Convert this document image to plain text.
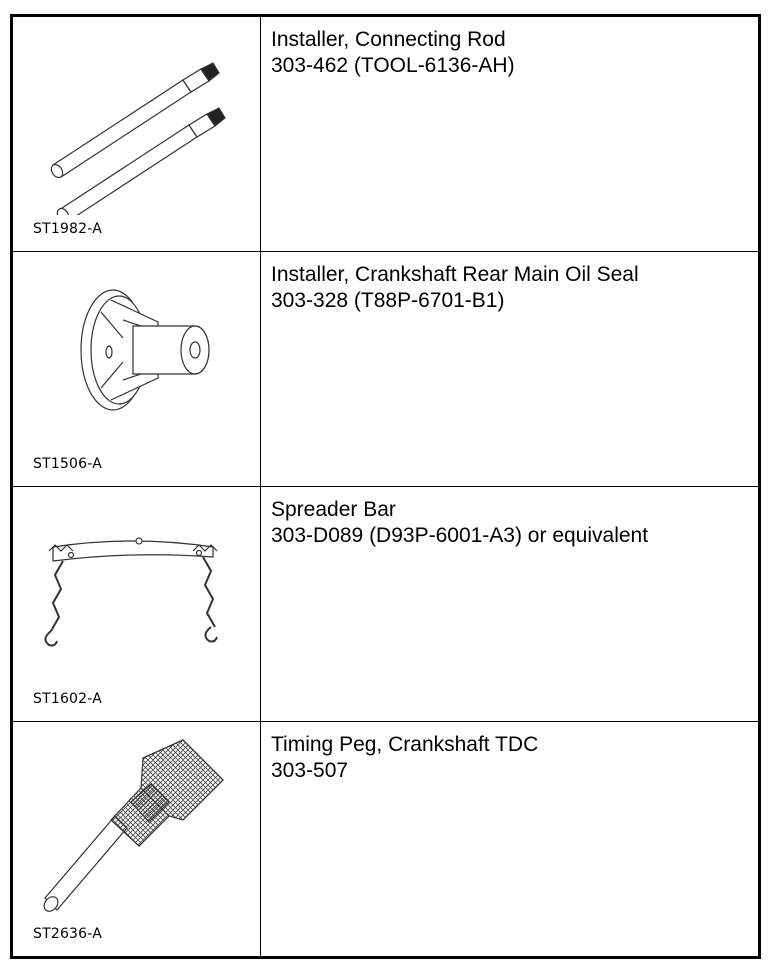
ST1982-A
Installer, Connecting Rod
303-462 (TOOL-6136-AH)
ST1506-A
Installer, Crankshaft Rear Main Oil Seal
303-328 (T88P-6701-B1)
ST1602-A
Spreader Bar
303-D089 (D93P-6001-A3) or equivalent
ST2636-A
Timing Peg, Crankshaft TDC
303-507
